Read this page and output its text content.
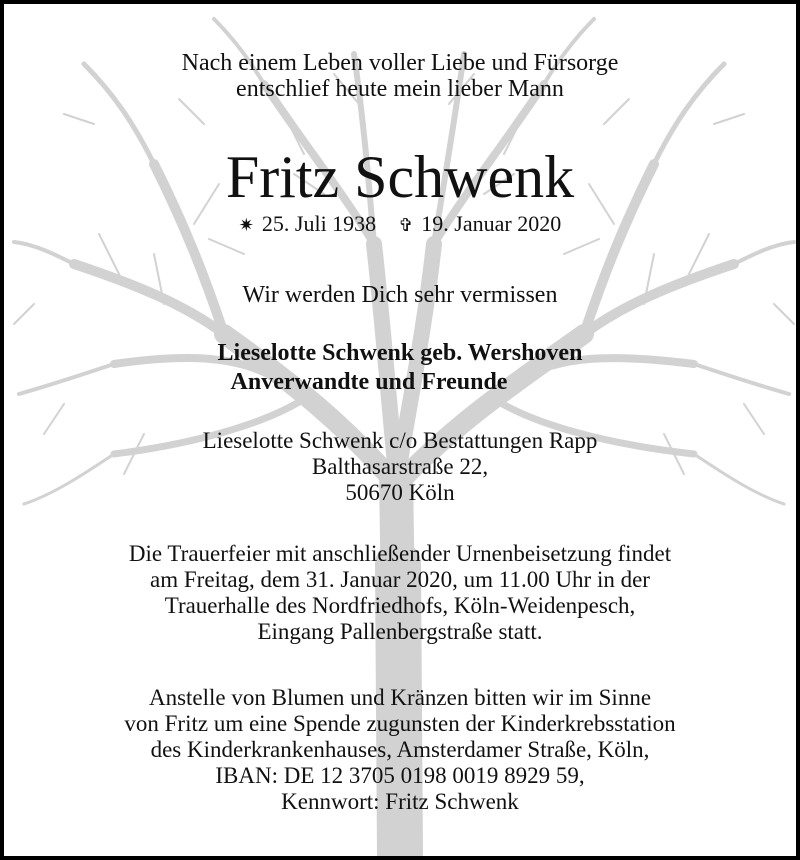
Nach einem Leben voller Liebe und Fürsorge
entschlief heute mein lieber Mann
Fritz Schwenk
✷ 25. Juli 1938 ✞ 19. Januar 2020
Wir werden Dich sehr vermissen
Lieselotte Schwenk geb. Wershoven
Anverwandte und Freunde
Lieselotte Schwenk c/o Bestattungen Rapp
Balthasarstraße 22,
50670 Köln
Die Trauerfeier mit anschließender Urnenbeisetzung findet
am Freitag, dem 31. Januar 2020, um 11.00 Uhr in der
Trauerhalle des Nordfriedhofs, Köln-Weidenpesch,
Eingang Pallenbergstraße statt.
Anstelle von Blumen und Kränzen bitten wir im Sinne
von Fritz um eine Spende zugunsten der Kinderkrebsstation
des Kinderkrankenhauses, Amsterdamer Straße, Köln,
IBAN: DE 12 3705 0198 0019 8929 59,
Kennwort: Fritz Schwenk
